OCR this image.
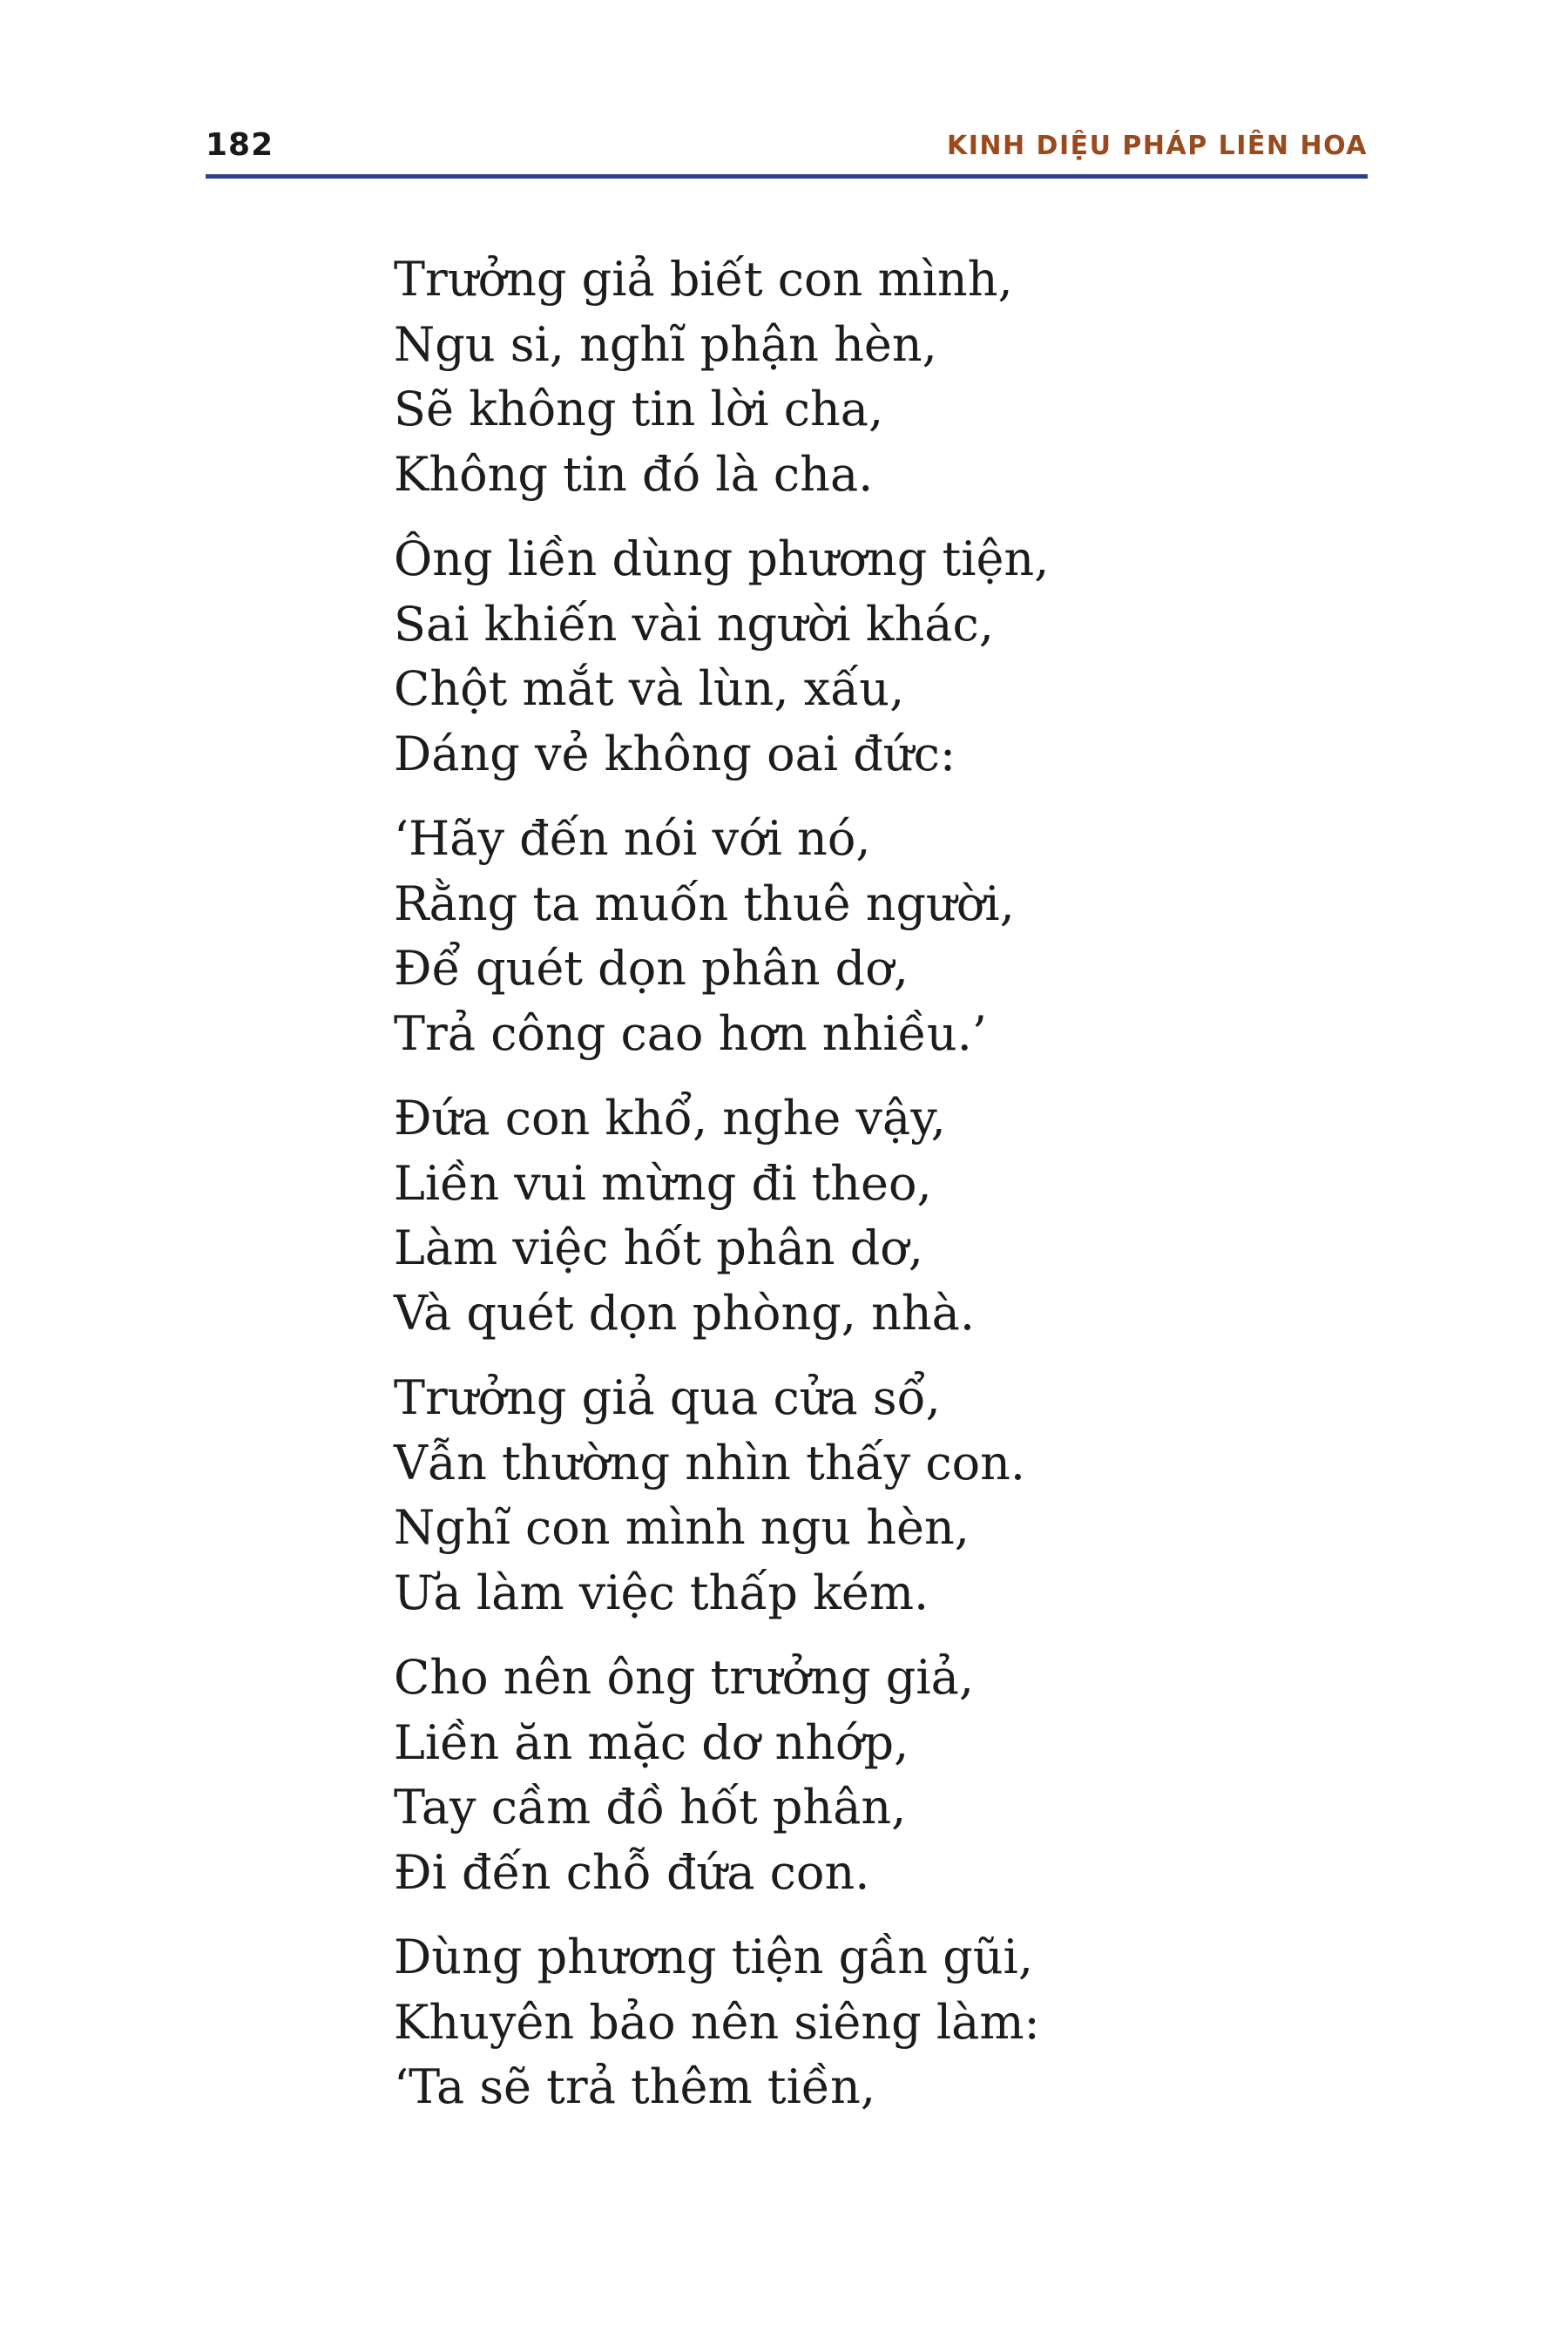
182	KINH DIỆU PHÁP LIÊN HOA
Trưởng giả biết con mình,
Ngu si, nghĩ phận hèn,
Sẽ không tin lời cha,
Không tin đó là cha.
Ông liền dùng phương tiện,
Sai khiến vài người khác,
Chột mắt và lùn, xấu,
Dáng vẻ không oai đức:
‘Hãy đến nói với nó,
Rằng ta muốn thuê người,
Để quét dọn phân dơ,
Trả công cao hơn nhiều.’
Đứa con khổ, nghe vậy,
Liền vui mừng đi theo,
Làm việc hốt phân dơ,
Và quét dọn phòng, nhà.
Trưởng giả qua cửa sổ,
Vẫn thường nhìn thấy con.
Nghĩ con mình ngu hèn,
Ưa làm việc thấp kém.
Cho nên ông trưởng giả,
Liền ăn mặc dơ nhớp,
Tay cầm đồ hốt phân,
Đi đến chỗ đứa con.
Dùng phương tiện gần gũi,
Khuyên bảo nên siêng làm:
‘Ta sẽ trả thêm tiền,
